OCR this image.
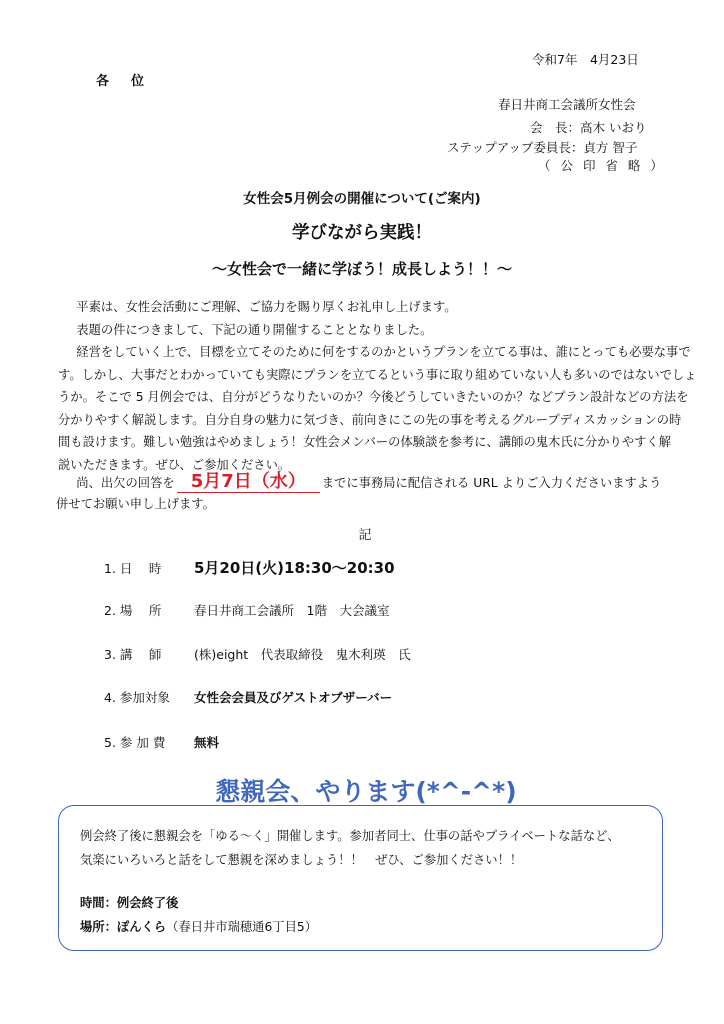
令和7年　4月23日
各位
春日井商工会議所女性会
会　長：高木 いおり
ステップアップ委員長：貞方 智子
（ 公 印 省 略 ）
女性会5月例会の開催について(ご案内)
学びながら実践！
～女性会で一緒に学ぼう！成長しよう！！～
　平素は、女性会活動にご理解、ご協力を賜り厚くお礼申し上げます。
　表題の件につきまして、下記の通り開催することとなりました。
　経営をしていく上で、目標を立てそのために何をするのかというプランを立てる事は、誰にとっても必要な事で
す。しかし、大事だとわかっていても実際にプランを立てるという事に取り組めていない人も多いのではないでしょ
うか。そこで 5 月例会では、自分がどうなりたいのか？今後どうしていきたいのか？などプラン設計などの方法を
分かりやすく解説します。自分自身の魅力に気づき、前向きにこの先の事を考えるグループディスカッションの時
間も設けます。難しい勉強はやめましょう！女性会メンバーの体験談を参考に、講師の鬼木氏に分かりやすく解
説いただきます。ぜひ、ご参加ください。
　尚、出欠の回答を 5月7日（水） までに事務局に配信される URL よりご入力くださいますよう
併せてお願い申し上げます。
記
1. 日　 時 5月20日(火)18:30～20:30
2. 場　 所	春日井商工会議所　1階　大会議室
3. 講　 師	(株)eight　代表取締役　鬼木利瑛　氏
4. 参加対象 女性会会員及びゲストオブザーバー
5. 参 加 費 無料
懇親会、やります(*^-^*)
例会終了後に懇親会を「ゆる～く」開催します。参加者同士、仕事の話やプライベートな話など、
気楽にいろいろと話をして懇親を深めましょう！！　ぜひ、ご参加ください！！
時間：例会終了後
場所：ぽんくら（春日井市瑞穂通6丁目5）
